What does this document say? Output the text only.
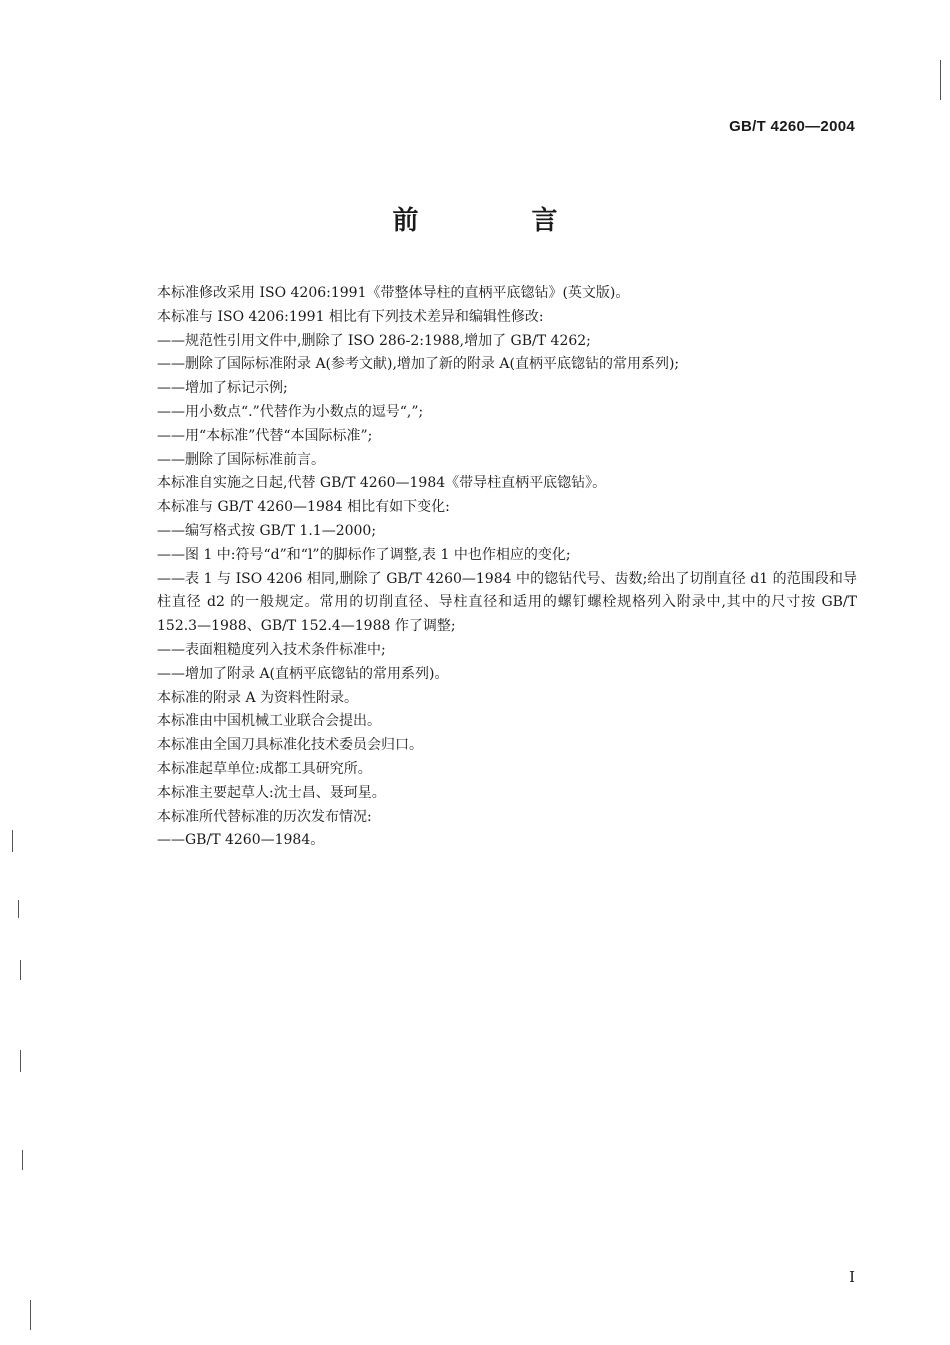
GB/T 4260—2004
前 言
本标准修改采用 ISO 4206:1991《带整体导柱的直柄平底锪钻》(英文版)。
本标准与 ISO 4206:1991 相比有下列技术差异和编辑性修改:
——规范性引用文件中,删除了 ISO 286-2:1988,增加了 GB/T 4262;
——删除了国际标准附录 A(参考文献),增加了新的附录 A(直柄平底锪钻的常用系列);
——增加了标记示例;
——用小数点“.”代替作为小数点的逗号“,”;
——用“本标准”代替“本国际标准”;
——删除了国际标准前言。
本标准自实施之日起,代替 GB/T 4260—1984《带导柱直柄平底锪钻》。
本标准与 GB/T 4260—1984 相比有如下变化:
——编写格式按 GB/T 1.1—2000;
——图 1 中:符号“d”和“l”的脚标作了调整,表 1 中也作相应的变化;
——表 1 与 ISO 4206 相同,删除了 GB/T 4260—1984 中的锪钻代号、齿数;给出了切削直径 d1 的范围段和导柱直径 d2 的一般规定。常用的切削直径、导柱直径和适用的螺钉螺栓规格列入附录中,其中的尺寸按 GB/T 152.3—1988、GB/T 152.4—1988 作了调整;
——表面粗糙度列入技术条件标准中;
——增加了附录 A(直柄平底锪钻的常用系列)。
本标准的附录 A 为资料性附录。
本标准由中国机械工业联合会提出。
本标准由全国刀具标准化技术委员会归口。
本标准起草单位:成都工具研究所。
本标准主要起草人:沈士昌、聂珂星。
本标准所代替标准的历次发布情况:
——GB/T 4260—1984。
I
